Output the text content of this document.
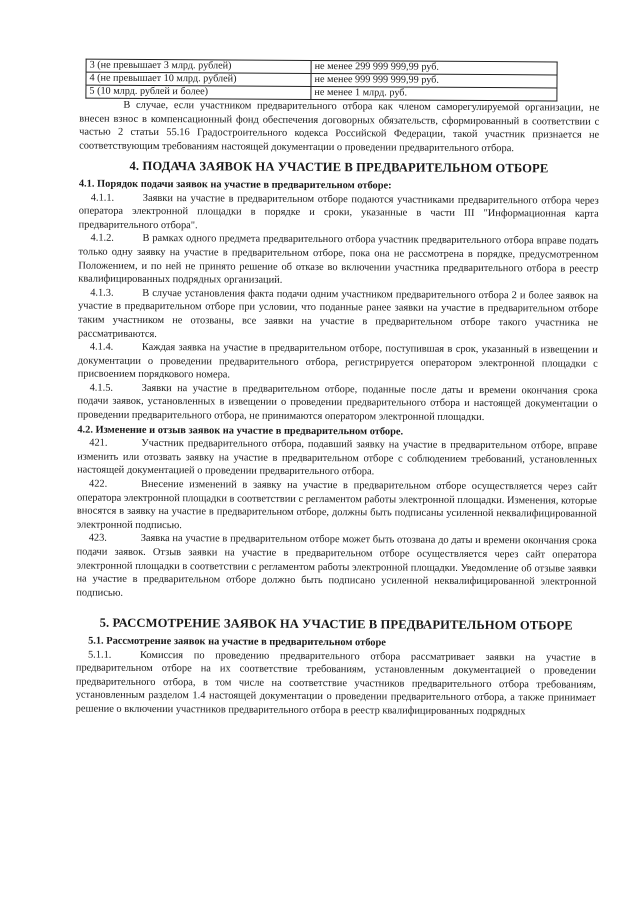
3 (не превышает 3 млрд. рублей)	не менее 299 999 999,99 руб.
4 (не превышает 10 млрд. рублей)	не менее 999 999 999,99 руб.
5 (10 млрд. рублей и более)	не менее 1 млрд. руб.

В случае, если участником предварительного отбора как членом саморегулируемой организации, не внесен взнос в компенсационный фонд обеспечения договорных обязательств, сформированный в соответствии с частью 2 статьи 55.16 Градостроительного кодекса Российской Федерации, такой участник признается не соответствующим требованиям настоящей документации о проведении предварительного отбора.

4. ПОДАЧА ЗАЯВОК НА УЧАСТИЕ В ПРЕДВАРИТЕЛЬНОМ ОТБОРЕ

4.1. Порядок подачи заявок на участие в предварительном отборе:

4.1.1.	Заявки на участие в предварительном отборе подаются участниками предварительного отбора через оператора электронной площадки в порядке и сроки, указанные в части III "Информационная карта предварительного отбора".

4.1.2.	В рамках одного предмета предварительного отбора участник предварительного отбора вправе подать только одну заявку на участие в предварительном отборе, пока она не рассмотрена в порядке, предусмотренном Положением, и по ней не принято решение об отказе во включении участника предварительного отбора в реестр квалифицированных подрядных организаций.

4.1.3.	В случае установления факта подачи одним участником предварительного отбора 2 и более заявок на участие в предварительном отборе при условии, что поданные ранее заявки на участие в предварительном отборе таким участником не отозваны, все заявки на участие в предварительном отборе такого участника не рассматриваются.

4.1.4.	Каждая заявка на участие в предварительном отборе, поступившая в срок, указанный в извещении и документации о проведении предварительного отбора, регистрируется оператором электронной площадки с присвоением порядкового номера.

4.1.5.	Заявки на участие в предварительном отборе, поданные после даты и времени окончания срока подачи заявок, установленных в извещении о проведении предварительного отбора и настоящей документации о проведении предварительного отбора, не принимаются оператором электронной площадки.

4.2. Изменение и отзыв заявок на участие в предварительном отборе.

421.	Участник предварительного отбора, подавший заявку на участие в предварительном отборе, вправе изменить или отозвать заявку на участие в предварительном отборе с соблюдением требований, установленных настоящей документацией о проведении предварительного отбора.

422.	Внесение изменений в заявку на участие в предварительном отборе осуществляется через сайт оператора электронной площадки в соответствии с регламентом работы электронной площадки. Изменения, которые вносятся в заявку на участие в предварительном отборе, должны быть подписаны усиленной неквалифицированной электронной подписью.

423.	Заявка на участие в предварительном отборе может быть отозвана до даты и времени окончания срока подачи заявок. Отзыв заявки на участие в предварительном отборе осуществляется через сайт оператора электронной площадки в соответствии с регламентом работы электронной площадки. Уведомление об отзыве заявки на участие в предварительном отборе должно быть подписано усиленной неквалифицированной электронной подписью.

5. РАССМОТРЕНИЕ ЗАЯВОК НА УЧАСТИЕ В ПРЕДВАРИТЕЛЬНОМ ОТБОРЕ

5.1. Рассмотрение заявок на участие в предварительном отборе

5.1.1.	Комиссия по проведению предварительного отбора рассматривает заявки на участие в предварительном отборе на их соответствие требованиям, установленным документацией о проведении предварительного отбора, в том числе на соответствие участников предварительного отбора требованиям, установленным разделом 1.4 настоящей документации о проведении предварительного отбора, а также принимает решение о включении участников предварительного отбора в реестр квалифицированных подрядных
